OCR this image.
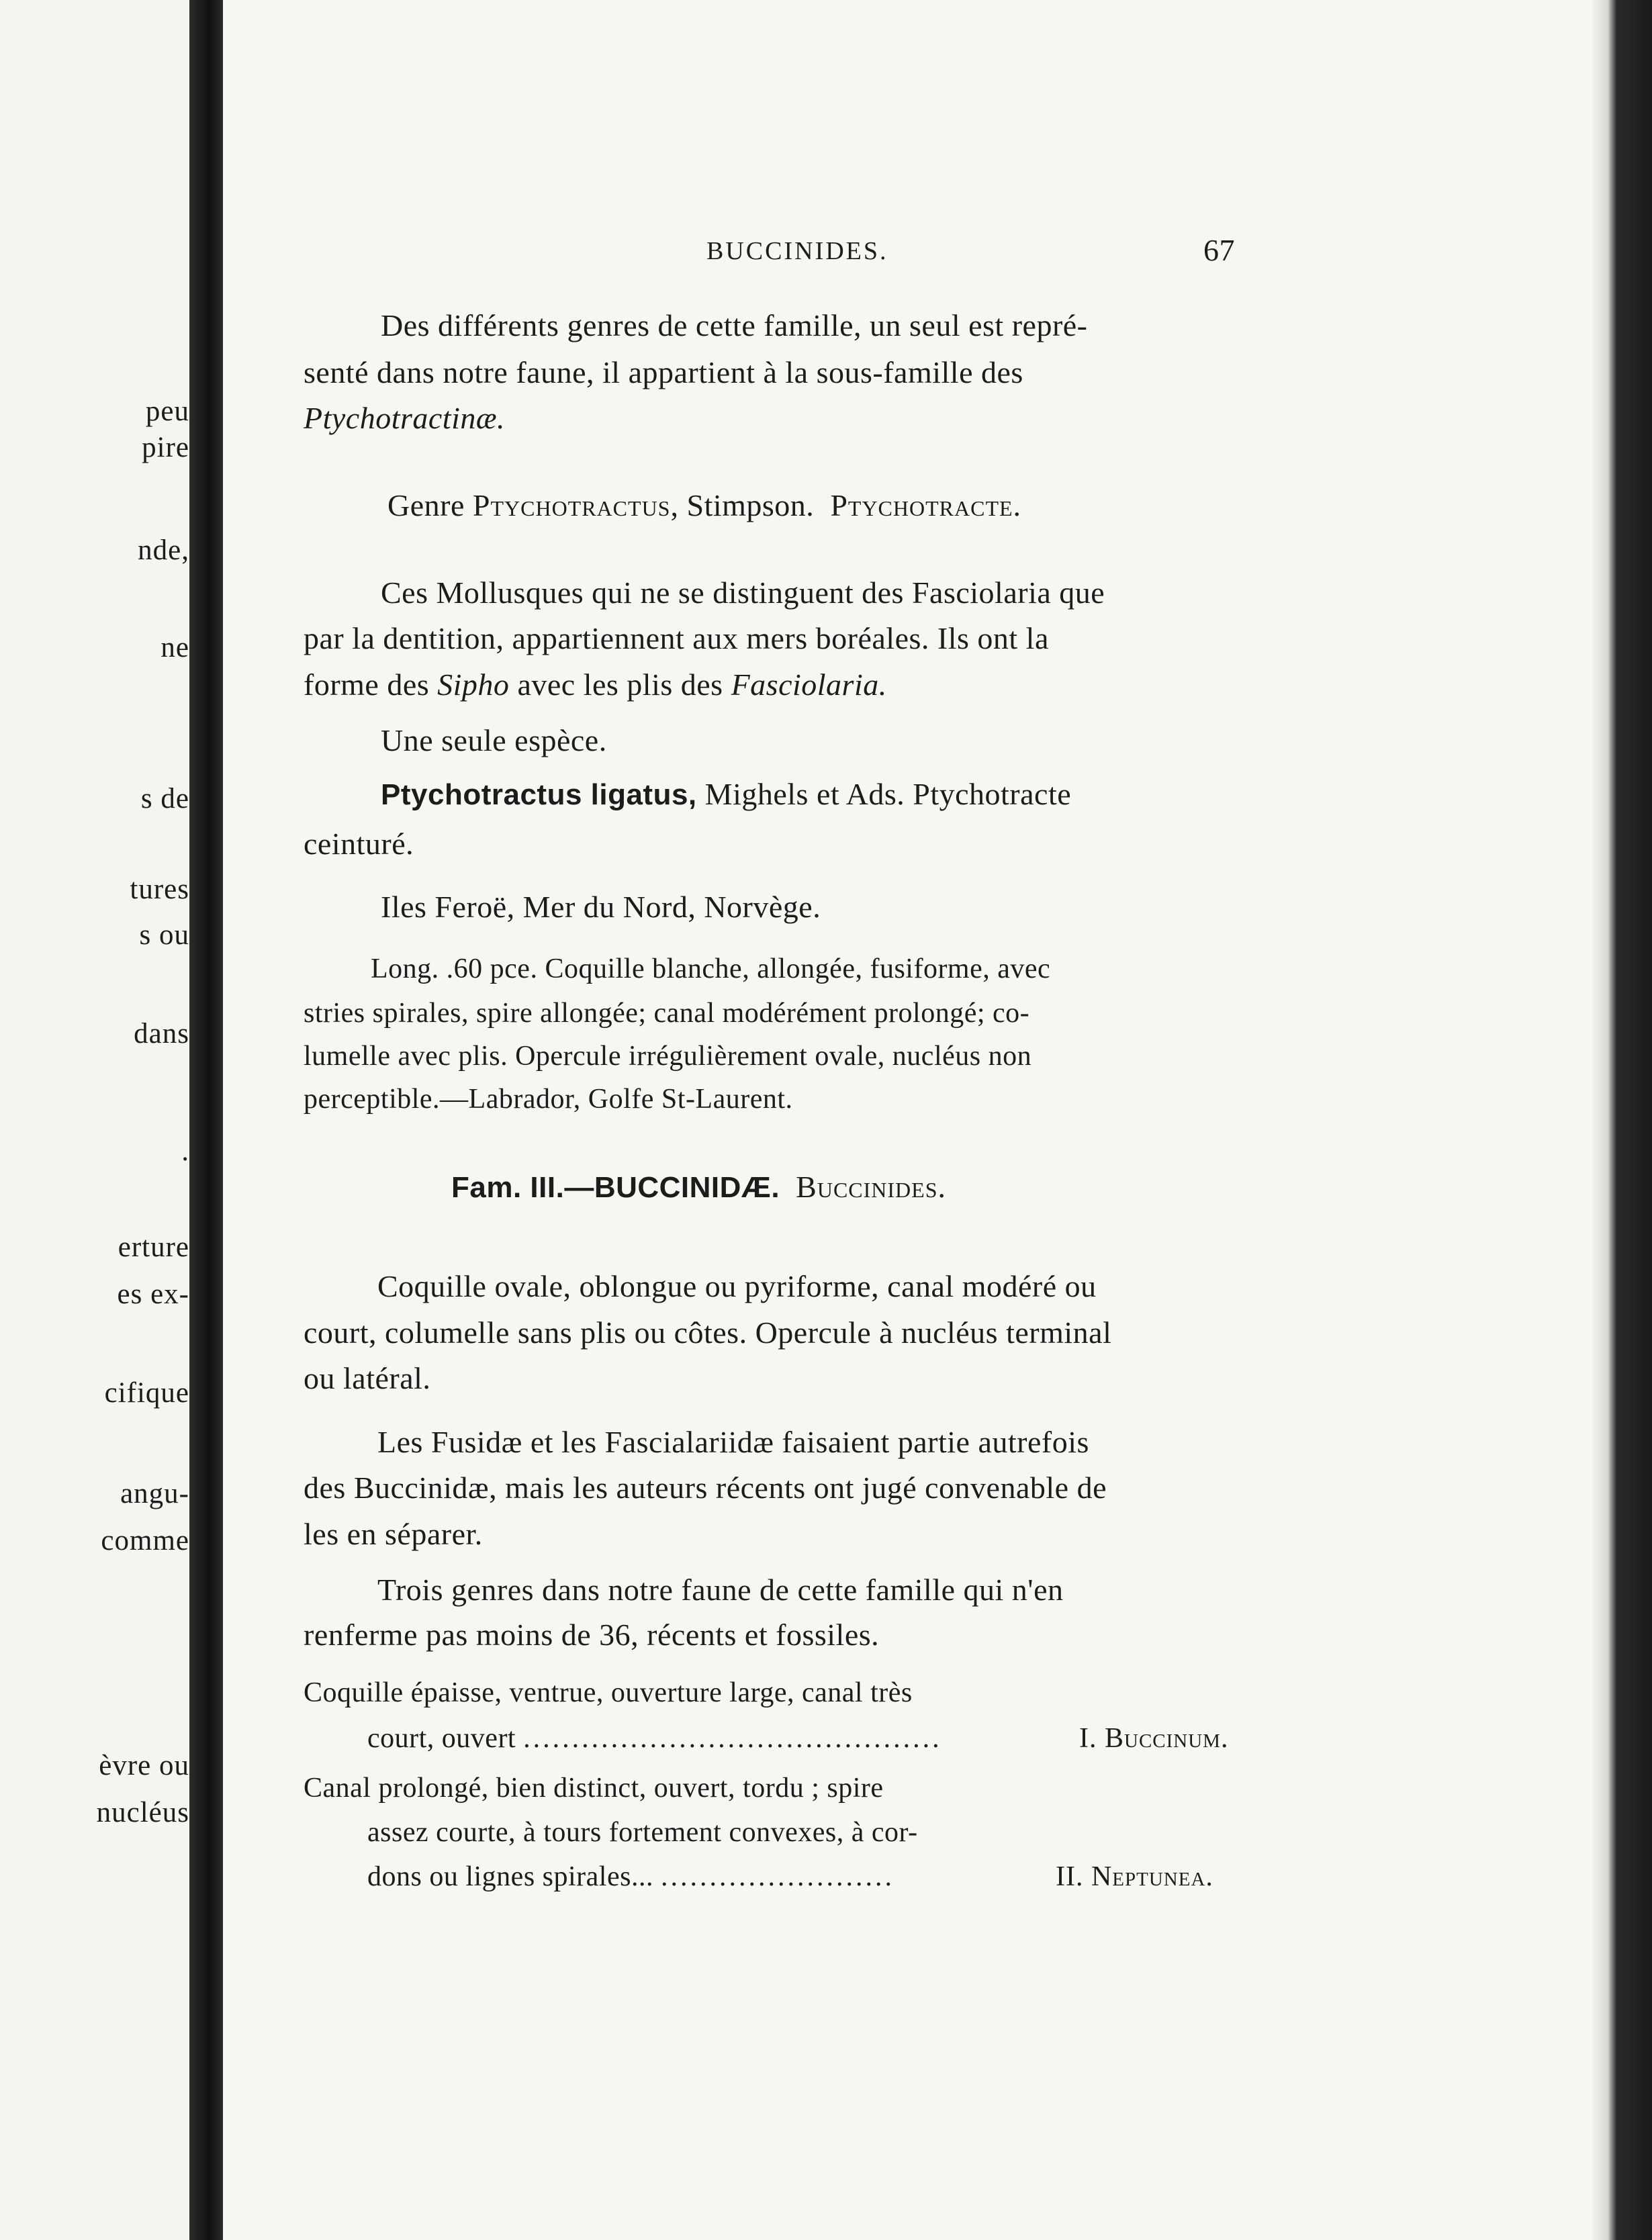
peu
pire
nde,
ne
s de
tures
s ou
dans
.
erture
es ex-
cifique
angu-
comme
èvre ou
nucléus
BUCCINIDES.	67
Des différents genres de cette famille, un seul est repré-
senté dans notre faune, il appartient à la sous-famille des
Ptychotractinæ.
Genre Ptychotractus, Stimpson. Ptychotracte.
Ces Mollusques qui ne se distinguent des Fasciolaria que
par la dentition, appartiennent aux mers boréales. Ils ont la
forme des Sipho avec les plis des Fasciolaria.
Une seule espèce.
Ptychotractus ligatus, Mighels et Ads. Ptychotracte
ceinturé.
Iles Feroë, Mer du Nord, Norvège.
Long. .60 pce. Coquille blanche, allongée, fusiforme, avec
stries spirales, spire allongée; canal modérément prolongé; co-
lumelle avec plis. Opercule irrégulièrement ovale, nucléus non
perceptible.—Labrador, Golfe St-Laurent.
Fam. III.—BUCCINIDÆ. Buccinides.
Coquille ovale, oblongue ou pyriforme, canal modéré ou
court, columelle sans plis ou côtes. Opercule à nucléus terminal
ou latéral.
Les Fusidæ et les Fascialariidæ faisaient partie autrefois
des Buccinidæ, mais les auteurs récents ont jugé convenable de
les en séparer.
Trois genres dans notre faune de cette famille qui n'en
renferme pas moins de 36, récents et fossiles.
Coquille épaisse, ventrue, ouverture large, canal très
court, ouvert ...........................................	I. Buccinum.
Canal prolongé, bien distinct, ouvert, tordu ; spire
assez courte, à tours fortement convexes, à cor-
dons ou lignes spirales... ........................	II. Neptunea.
